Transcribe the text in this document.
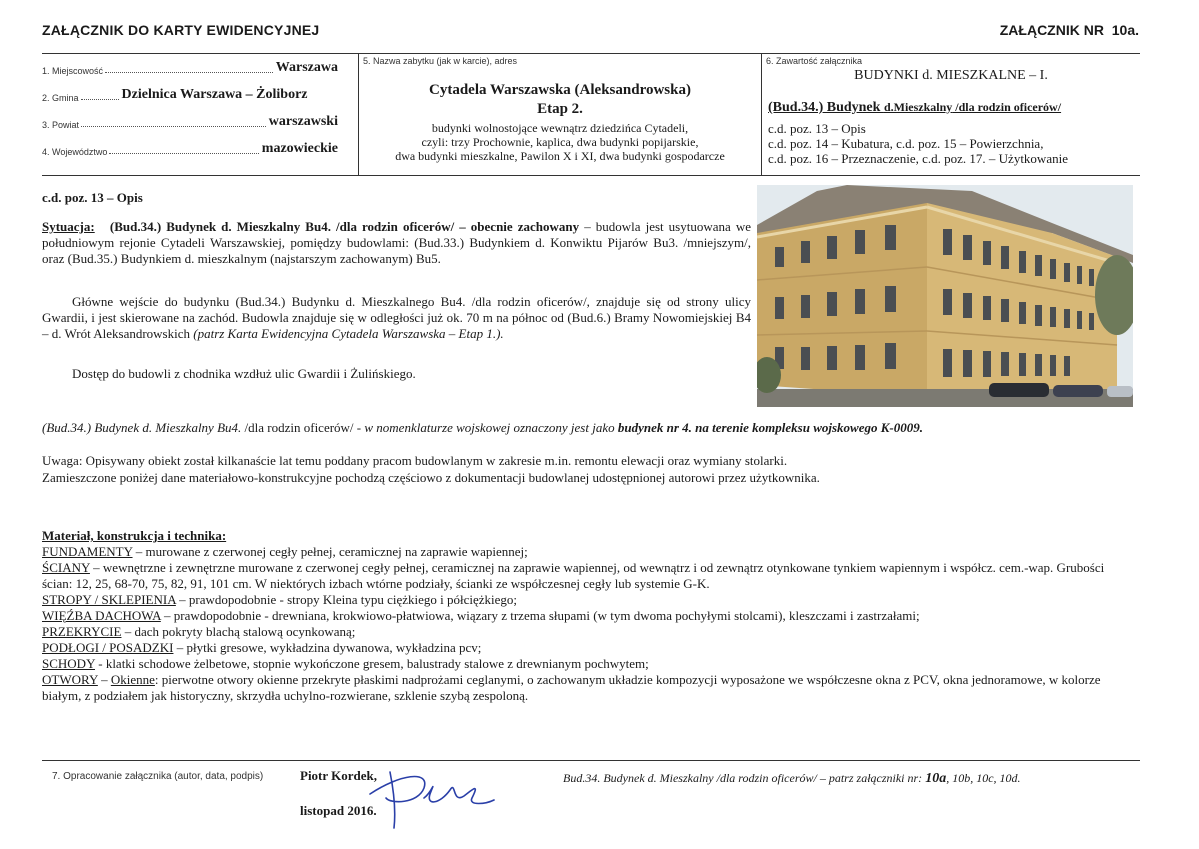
ZAŁĄCZNIK DO KARTY EWIDENCYJNEJ	ZAŁĄCZNIK NR 10a.
1. Miejscowość	Warszawa
2. Gmina	Dzielnica Warszawa – Żoliborz
3. Powiat	warszawski
4. Województwo	mazowieckie
5. Nazwa zabytku (jak w karcie), adres
Cytadela Warszawska (Aleksandrowska)
Etap 2.
budynki wolnostojące wewnątrz dziedzińca Cytadeli,
czyli: trzy Prochownie, kaplica, dwa budynki popijarskie,
dwa budynki mieszkalne, Pawilon X i XI, dwa budynki gospodarcze
6. Zawartość załącznika
BUDYNKI d. MIESZKALNE – I.
(Bud.34.) Budynek d.Mieszkalny /dla rodzin oficerów/
c.d. poz. 13 – Opis
c.d. poz. 14 – Kubatura, c.d. poz. 15 – Powierzchnia,
c.d. poz. 16 – Przeznaczenie, c.d. poz. 17. – Użytkowanie
c.d. poz. 13 – Opis
Sytuacja: (Bud.34.) Budynek d. Mieszkalny Bu4. /dla rodzin oficerów/ – obecnie zachowany – budowla jest usytuowana we południowym rejonie Cytadeli Warszawskiej, pomiędzy budowlami: (Bud.33.) Budynkiem d. Konwiktu Pijarów Bu3. /mniejszym/, oraz (Bud.35.) Budynkiem d. mieszkalnym (najstarszym zachowanym) Bu5.
Główne wejście do budynku (Bud.34.) Budynku d. Mieszkalnego Bu4. /dla rodzin oficerów/, znajduje się od strony ulicy Gwardii, i jest skierowane na zachód. Budowla znajduje się w odległości już ok. 70 m na północ od (Bud.6.) Bramy Nowomiejskiej B4 – d. Wrót Aleksandrowskich (patrz Karta Ewidencyjna Cytadela Warszawska – Etap 1.).
Dostęp do budowli z chodnika wzdłuż ulic Gwardii i Żulińskiego.
(Bud.34.) Budynek d. Mieszkalny Bu4. /dla rodzin oficerów/ - w nomenklaturze wojskowej oznaczony jest jako budynek nr 4. na terenie kompleksu wojskowego K-0009.
Uwaga: Opisywany obiekt został kilkanaście lat temu poddany pracom budowlanym w zakresie m.in. remontu elewacji oraz wymiany stolarki.
Zamieszczone poniżej dane materiałowo-konstrukcyjne pochodzą częściowo z dokumentacji budowlanej udostępnionej autorowi przez użytkownika.
Materiał, konstrukcja i technika:
FUNDAMENTY – murowane z czerwonej cegły pełnej, ceramicznej na zaprawie wapiennej;
ŚCIANY – wewnętrzne i zewnętrzne murowane z czerwonej cegły pełnej, ceramicznej na zaprawie wapiennej, od wewnątrz i od zewnątrz otynkowane tynkiem wapiennym i współcz. cem.-wap. Grubości ścian: 12, 25, 68-70, 75, 82, 91, 101 cm. W niektórych izbach wtórne podziały, ścianki ze współczesnej cegły lub systemie G-K.
STROPY / SKLEPIENIA – prawdopodobnie - stropy Kleina typu ciężkiego i półciężkiego;
WIĘŹBA DACHOWA – prawdopodobnie - drewniana, krokwiowo-płatwiowa, wiązary z trzema słupami (w tym dwoma pochyłymi stolcami), kleszczami i zastrzałami;
PRZEKRYCIE – dach pokryty blachą stalową ocynkowaną;
PODŁOGI / POSADZKI – płytki gresowe, wykładzina dywanowa, wykładzina pcv;
SCHODY - klatki schodowe żelbetowe, stopnie wykończone gresem, balustrady stalowe z drewnianym pochwytem;
OTWORY – Okienne: pierwotne otwory okienne przekryte płaskimi nadprożami ceglanymi, o zachowanym układzie kompozycji wyposażone we współczesne okna z PCV, okna jednoramowe, w kolorze białym, z podziałem jak historyczny, skrzydła uchylno-rozwierane, szklenie szybą zespoloną.
7. Opracowanie załącznika (autor, data, podpis)	Piotr Kordek,
listopad 2016.
Bud.34. Budynek d. Mieszkalny /dla rodzin oficerów/ – patrz załączniki nr: 10a, 10b, 10c, 10d.
